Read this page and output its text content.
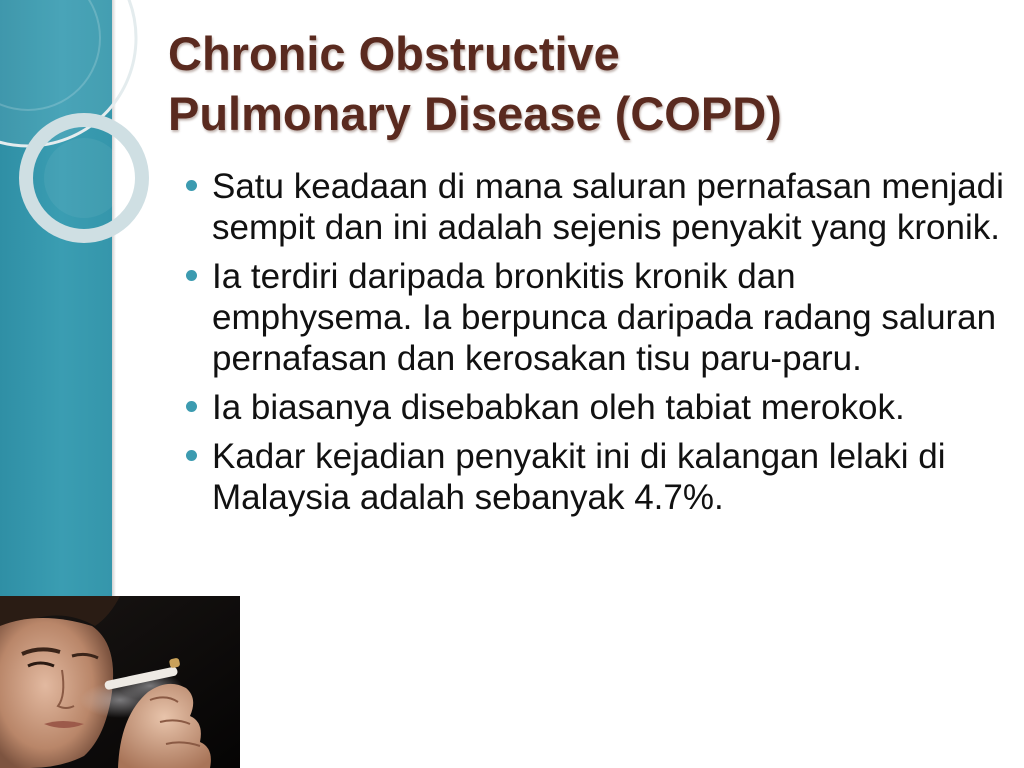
Chronic Obstructive
Pulmonary Disease (COPD)
Satu keadaan di mana saluran pernafasan menjadi sempit dan ini adalah sejenis penyakit yang kronik.
Ia terdiri daripada bronkitis kronik dan emphysema. Ia berpunca daripada radang saluran pernafasan dan kerosakan tisu paru-paru.
Ia biasanya disebabkan oleh tabiat merokok.
Kadar kejadian penyakit ini di kalangan lelaki di Malaysia adalah sebanyak 4.7%.
